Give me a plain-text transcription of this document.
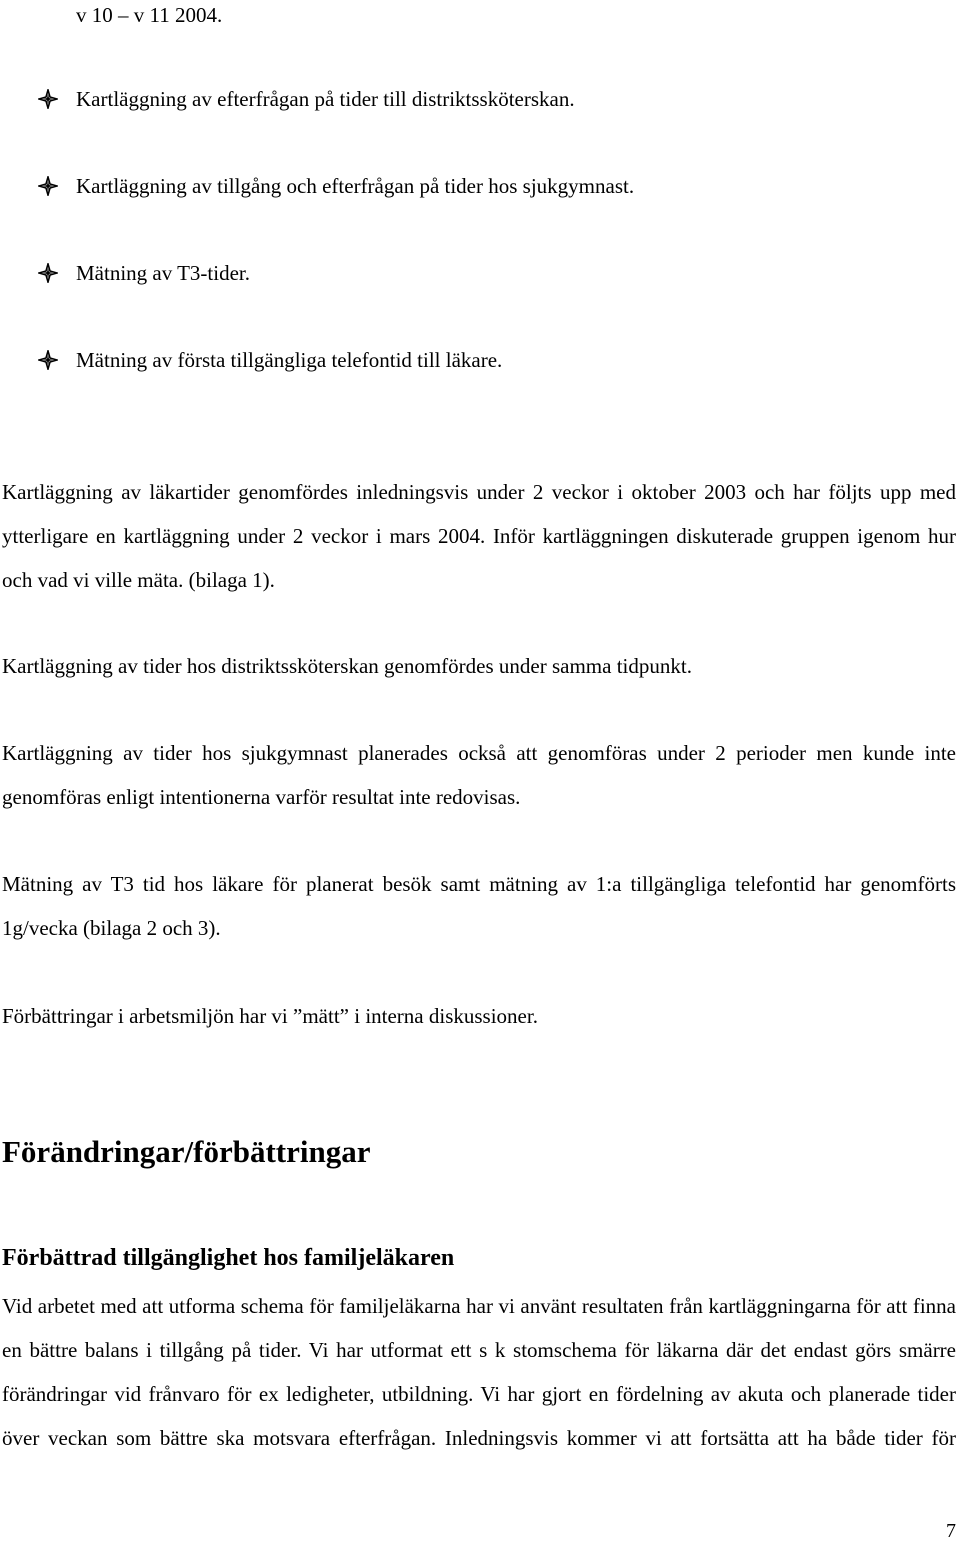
v 10 – v 11 2004.
Kartläggning av efterfrågan på tider till distriktssköterskan.
Kartläggning av tillgång och efterfrågan på tider hos sjukgymnast.
Mätning av T3-tider.
Mätning av första tillgängliga telefontid till läkare.
Kartläggning av läkartider genomfördes inledningsvis under 2 veckor i oktober 2003 och har följts upp med ytterligare en kartläggning under 2 veckor i mars 2004. Inför kartläggningen diskuterade gruppen igenom hur och vad vi ville mäta. (bilaga 1).
Kartläggning av tider hos distriktssköterskan genomfördes under samma tidpunkt.
Kartläggning av tider hos sjukgymnast planerades också att genomföras under 2 perioder men kunde inte genomföras enligt intentionerna varför resultat inte redovisas.
Mätning av T3 tid hos läkare för planerat besök samt mätning av 1:a tillgängliga telefontid har genomförts 1g/vecka (bilaga 2 och 3).
Förbättringar i arbetsmiljön har vi ”mätt” i interna diskussioner.
Förändringar/förbättringar
Förbättrad tillgänglighet hos familjeläkaren
Vid arbetet med att utforma schema för familjeläkarna har vi använt resultaten från kartläggningarna för att finna en bättre balans i tillgång på tider. Vi har utformat ett s k stomschema för läkarna där det endast görs smärre förändringar vid frånvaro för ex ledigheter, utbildning. Vi har gjort en fördelning av akuta och planerade tider över veckan som bättre ska motsvara efterfrågan. Inledningsvis kommer vi att fortsätta att ha både tider för
7
